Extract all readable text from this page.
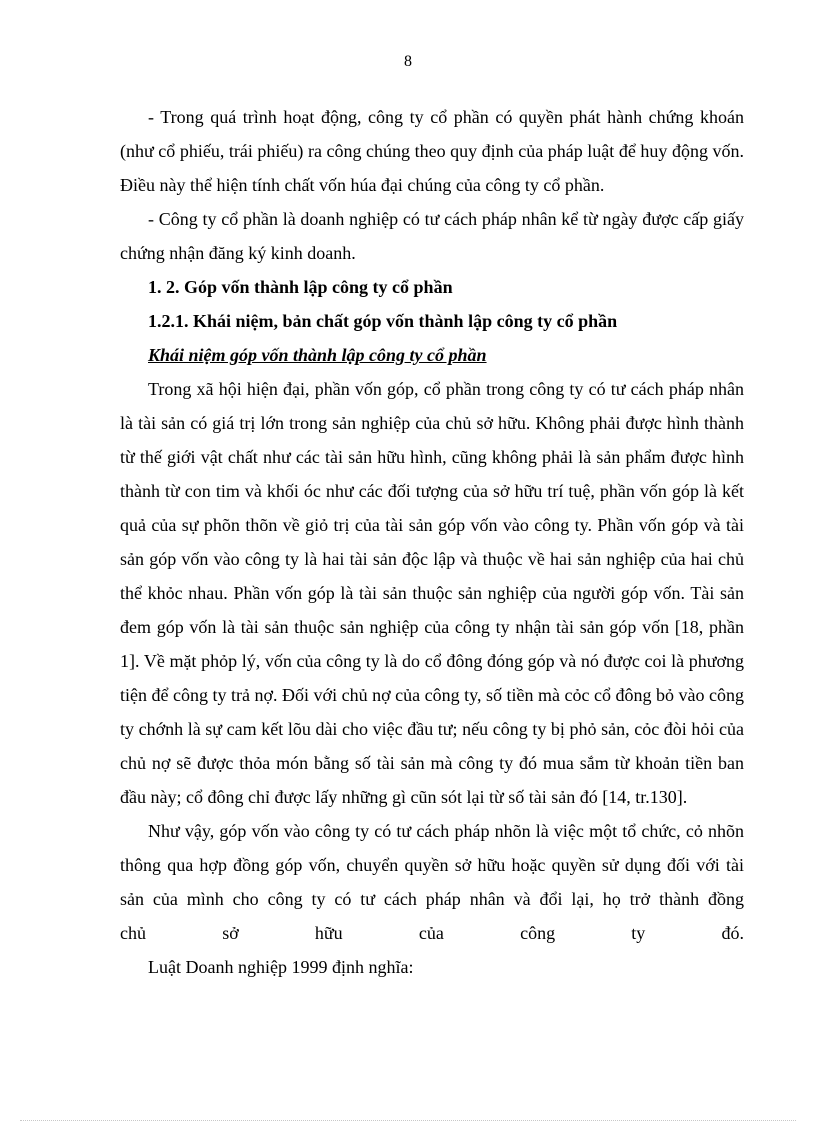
8

- Trong quá trình hoạt động, công ty cổ phần có quyền phát hành chứng khoán (như cổ phiếu, trái phiếu) ra công chúng theo quy định của pháp luật để huy động vốn. Điều này thể hiện tính chất vốn húa đại chúng của công ty cổ phần.

- Công ty cổ phần là doanh nghiệp có tư cách pháp nhân kể từ ngày được cấp giấy chứng nhận đăng ký kinh doanh.

1. 2. Góp vốn thành lập công ty cổ phần

1.2.1. Khái niệm, bản chất góp vốn thành lập công ty cổ phần

Khái niệm góp vốn thành lập công ty cổ phần

Trong xã hội hiện đại, phần vốn góp, cổ phần trong công ty có tư cách pháp nhân là tài sản có giá trị lớn trong sản nghiệp của chủ sở hữu. Không phải được hình thành từ thế giới vật chất như các tài sản hữu hình, cũng không phải là sản phẩm được hình thành từ con tim và khối óc như các đối tượng của sở hữu trí tuệ, phần vốn góp là kết quả của sự phõn thõn về giỏ trị của tài sản góp vốn vào công ty. Phần vốn góp và tài sản góp vốn vào công ty là hai tài sản độc lập và thuộc về hai sản nghiệp của hai chủ thể khỏc nhau. Phần vốn góp là tài sản thuộc sản nghiệp của người góp vốn. Tài sản đem góp vốn là tài sản thuộc sản nghiệp của công ty nhận tài sản góp vốn [18, phần 1]. Về mặt phỏp lý, vốn của công ty là do cổ đông đóng góp và nó được coi là phương tiện để công ty trả nợ. Đối với chủ nợ của công ty, số tiền mà cỏc cổ đông bỏ vào công ty chớnh là sự cam kết lõu dài cho việc đầu tư; nếu công ty bị phỏ sản, cỏc đòi hỏi của chủ nợ sẽ được thỏa món bằng số tài sản mà công ty đó mua sắm từ khoản tiền ban đầu này; cổ đông chỉ được lấy những gì cũn sót lại từ số tài sản đó [14, tr.130].

Như vậy, góp vốn vào công ty có tư cách pháp nhõn là việc một tổ chức, cỏ nhõn thông qua hợp đồng góp vốn, chuyển quyền sở hữu hoặc quyền sử dụng đối với tài sản của mình cho công ty có tư cách pháp nhân và đổi lại, họ trở thành đồng

chủ sở hữu của công ty đó.

Luật Doanh nghiệp 1999 định nghĩa:
